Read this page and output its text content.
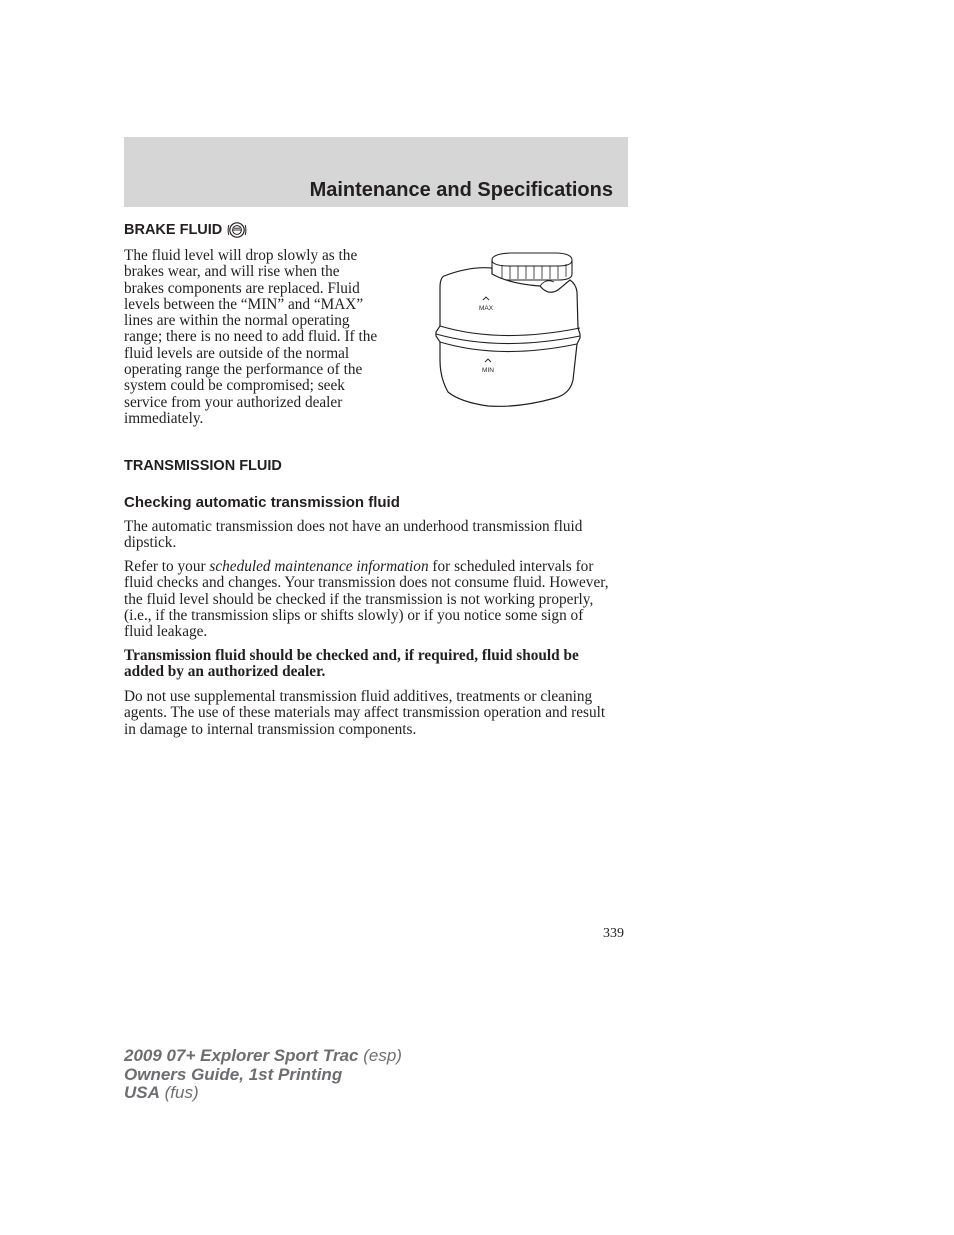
Maintenance and Specifications
BRAKE FLUID

The fluid level will drop slowly as the brakes wear, and will rise when the brakes components are replaced. Fluid levels between the “MIN” and “MAX” lines are within the normal operating range; there is no need to add fluid. If the fluid levels are outside of the normal operating range the performance of the system could be compromised; seek service from your authorized dealer immediately.

MAX
MIN
TRANSMISSION FLUID
Checking automatic transmission fluid

The automatic transmission does not have an underhood transmission fluid dipstick.

Refer to your scheduled maintenance information for scheduled intervals for fluid checks and changes. Your transmission does not consume fluid. However, the fluid level should be checked if the transmission is not working properly, (i.e., if the transmission slips or shifts slowly) or if you notice some sign of fluid leakage.

Transmission fluid should be checked and, if required, fluid should be added by an authorized dealer.

Do not use supplemental transmission fluid additives, treatments or cleaning agents. The use of these materials may affect transmission operation and result in damage to internal transmission components.

339
2009 07+ Explorer Sport Trac (esp)
Owners Guide, 1st Printing
USA (fus)
